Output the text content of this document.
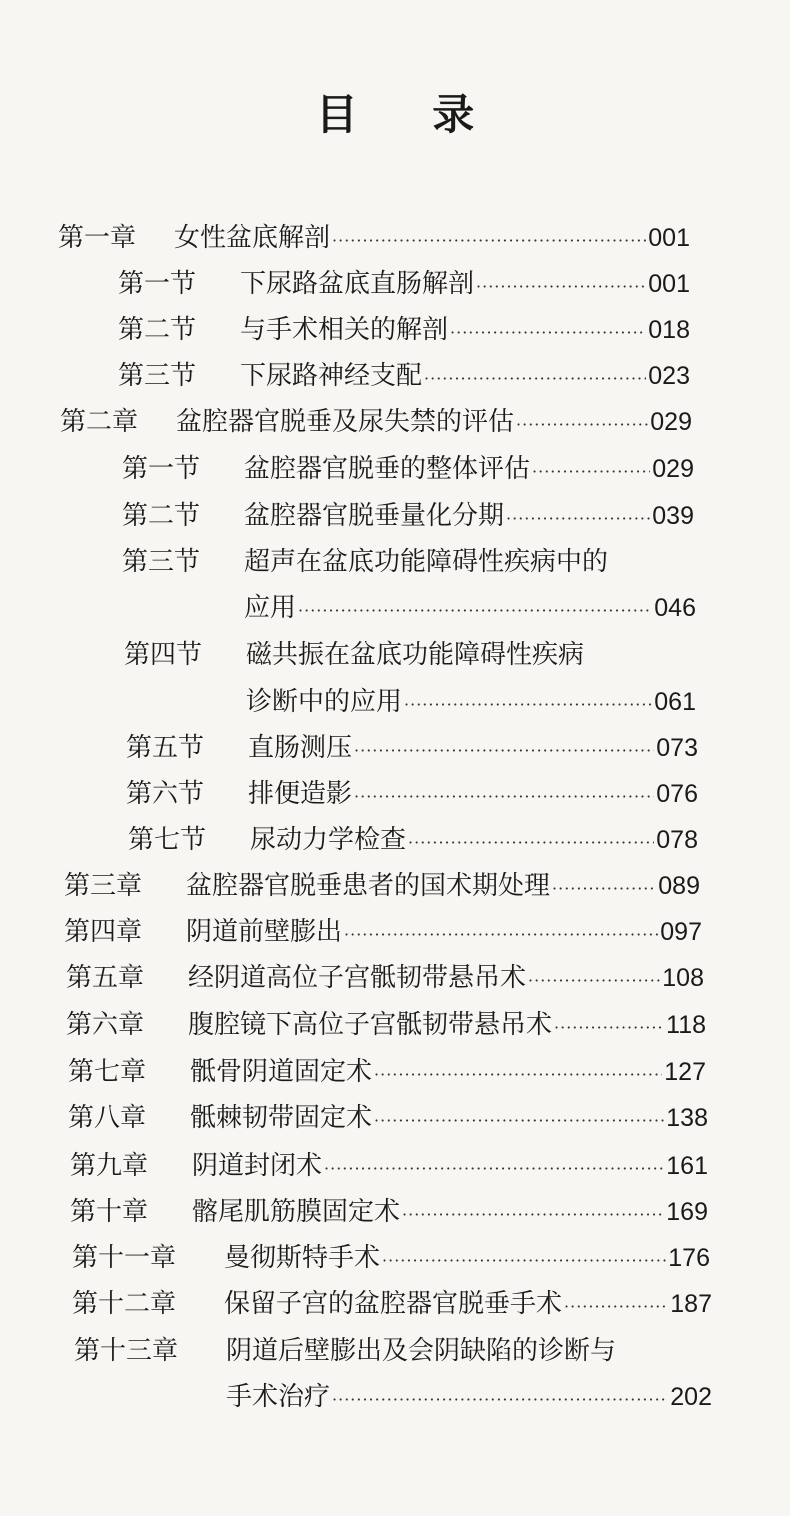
目 录
第一章	女性盆底解剖 ·····	001
第一节	下尿路盆底直肠解剖 ·····	001
第二节	与手术相关的解剖 ·····	018
第三节	下尿路神经支配 ·····	023
第二章	盆腔器官脱垂及尿失禁的评估 ·····	029
第一节	盆腔器官脱垂的整体评估 ·····	029
第二节	盆腔器官脱垂量化分期 ·····	039
第三节	超声在盆底功能障碍性疾病中的
应用 ·····	046
第四节	磁共振在盆底功能障碍性疾病
诊断中的应用 ·····	061
第五节	直肠测压 ·····	073
第六节	排便造影 ·····	076
第七节	尿动力学检查 ·····	078
第三章	盆腔器官脱垂患者的国术期处理 ·····	089
第四章	阴道前壁膨出 ·····	097
第五章	经阴道高位子宫骶韧带悬吊术 ·····	108
第六章	腹腔镜下高位子宫骶韧带悬吊术 ·····	118
第七章	骶骨阴道固定术 ·····	127
第八章	骶棘韧带固定术 ·····	138
第九章	阴道封闭术 ·····	161
第十章	髂尾肌筋膜固定术 ·····	169
第十一章	曼彻斯特手术 ·····	176
第十二章	保留子宫的盆腔器官脱垂手术 ·····	187
第十三章	阴道后壁膨出及会阴缺陷的诊断与
手术治疗 ·····	202
